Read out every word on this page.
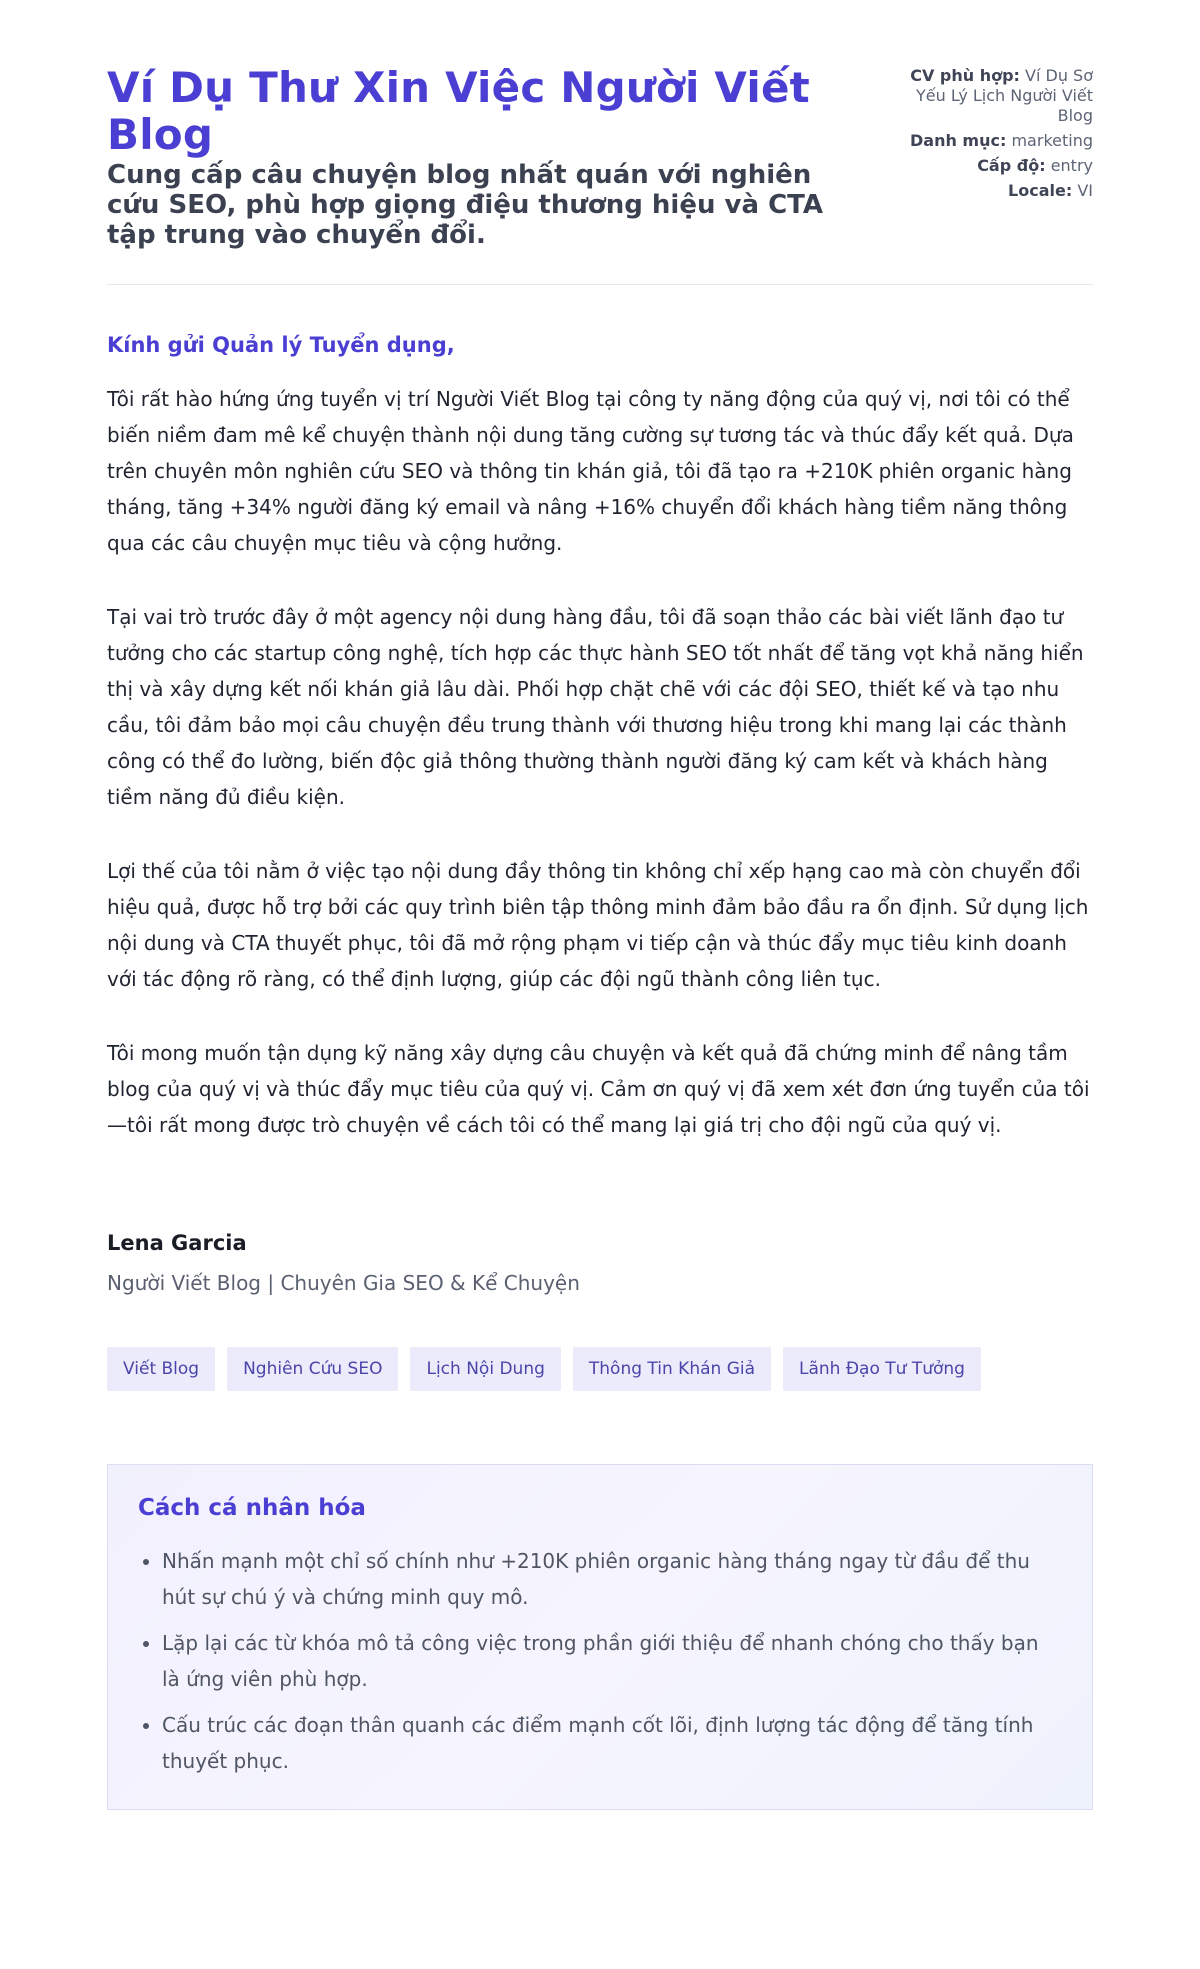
Ví Dụ Thư Xin Việc Người Viết Blog
Cung cấp câu chuyện blog nhất quán với nghiên cứu SEO, phù hợp giọng điệu thương hiệu và CTA tập trung vào chuyển đổi.
CV phù hợp: Ví Dụ Sơ Yếu Lý Lịch Người Viết Blog
Danh mục: marketing
Cấp độ: entry
Locale: VI
Kính gửi Quản lý Tuyển dụng,

Tôi rất hào hứng ứng tuyển vị trí Người Viết Blog tại công ty năng động của quý vị, nơi tôi có thể biến niềm đam mê kể chuyện thành nội dung tăng cường sự tương tác và thúc đẩy kết quả. Dựa trên chuyên môn nghiên cứu SEO và thông tin khán giả, tôi đã tạo ra +210K phiên organic hàng tháng, tăng +34% người đăng ký email và nâng +16% chuyển đổi khách hàng tiềm năng thông qua các câu chuyện mục tiêu và cộng hưởng.

Tại vai trò trước đây ở một agency nội dung hàng đầu, tôi đã soạn thảo các bài viết lãnh đạo tư tưởng cho các startup công nghệ, tích hợp các thực hành SEO tốt nhất để tăng vọt khả năng hiển thị và xây dựng kết nối khán giả lâu dài. Phối hợp chặt chẽ với các đội SEO, thiết kế và tạo nhu cầu, tôi đảm bảo mọi câu chuyện đều trung thành với thương hiệu trong khi mang lại các thành công có thể đo lường, biến độc giả thông thường thành người đăng ký cam kết và khách hàng tiềm năng đủ điều kiện.

Lợi thế của tôi nằm ở việc tạo nội dung đầy thông tin không chỉ xếp hạng cao mà còn chuyển đổi hiệu quả, được hỗ trợ bởi các quy trình biên tập thông minh đảm bảo đầu ra ổn định. Sử dụng lịch nội dung và CTA thuyết phục, tôi đã mở rộng phạm vi tiếp cận và thúc đẩy mục tiêu kinh doanh với tác động rõ ràng, có thể định lượng, giúp các đội ngũ thành công liên tục.

Tôi mong muốn tận dụng kỹ năng xây dựng câu chuyện và kết quả đã chứng minh để nâng tầm blog của quý vị và thúc đẩy mục tiêu của quý vị. Cảm ơn quý vị đã xem xét đơn ứng tuyển của tôi—tôi rất mong được trò chuyện về cách tôi có thể mang lại giá trị cho đội ngũ của quý vị.

Lena Garcia
Người Viết Blog | Chuyên Gia SEO & Kể Chuyện
Viết Blog	Nghiên Cứu SEO	Lịch Nội Dung	Thông Tin Khán Giả	Lãnh Đạo Tư Tưởng
Cách cá nhân hóa
• Nhấn mạnh một chỉ số chính như +210K phiên organic hàng tháng ngay từ đầu để thu hút sự chú ý và chứng minh quy mô.
• Lặp lại các từ khóa mô tả công việc trong phần giới thiệu để nhanh chóng cho thấy bạn là ứng viên phù hợp.
• Cấu trúc các đoạn thân quanh các điểm mạnh cốt lõi, định lượng tác động để tăng tính thuyết phục.
